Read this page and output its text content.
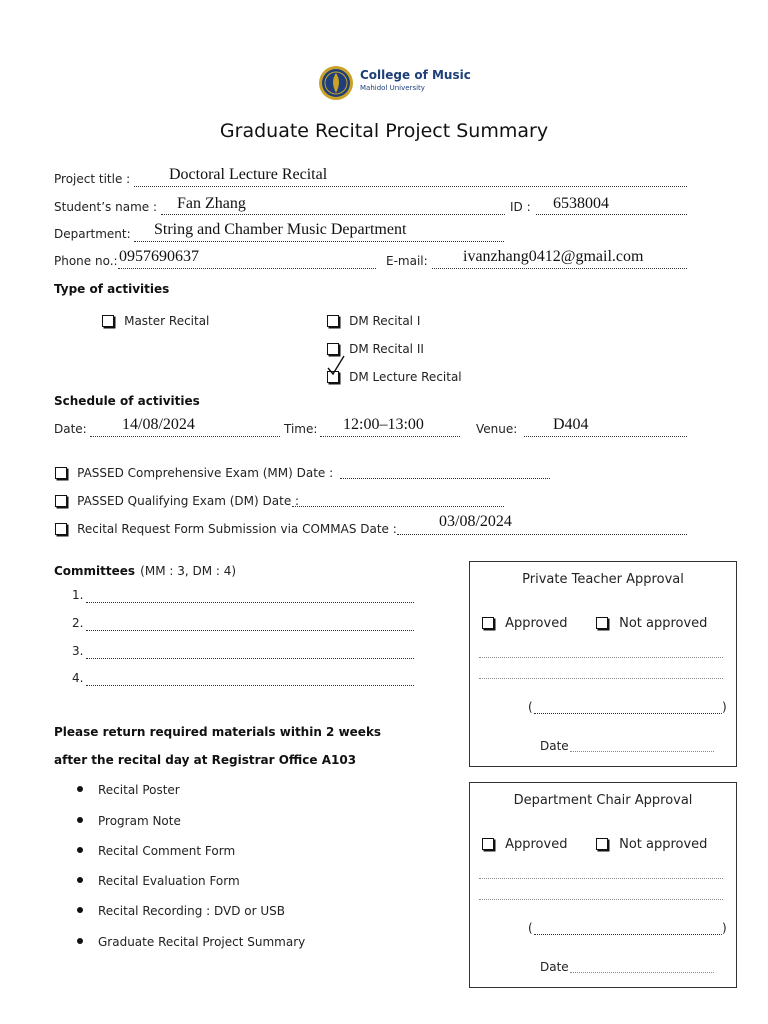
College of Music
Mahidol University
Graduate Recital Project Summary
Project title : Doctoral Lecture Recital
Student’s name : Fan Zhang	ID : 6538004
Department: String and Chamber Music Department
Phone no.: 0957690637	E-mail: ivanzhang0412@gmail.com
Type of activities
Master Recital	DM Recital I
DM Recital II
DM Lecture Recital
Schedule of activities
Date: 14/08/2024	Time: 12:00–13:00	Venue: D404
PASSED Comprehensive Exam (MM) Date :
PASSED Qualifying Exam (DM) Date :
Recital Request Form Submission via COMMAS Date :	03/08/2024
Committees (MM : 3, DM : 4)
1.
2.
3.
4.
Please return required materials within 2 weeks
after the recital day at Registrar Office A103
Recital Poster
Program Note
Recital Comment Form
Recital Evaluation Form
Recital Recording : DVD or USB
Graduate Recital Project Summary
Private Teacher Approval
Approved	Not approved
(	)
Date
Department Chair Approval
Approved	Not approved
(	)
Date
